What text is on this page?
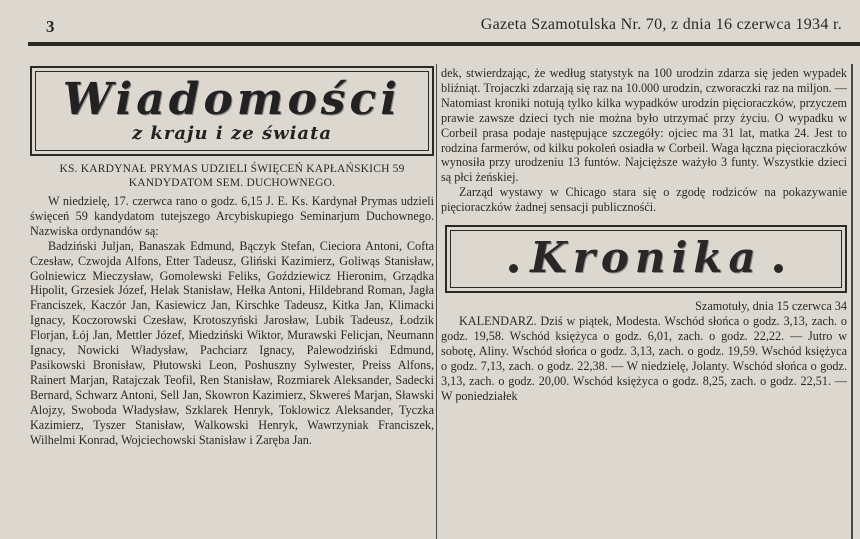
3	Gazeta Szamotulska Nr. 70, z dnia 16 czerwca 1934 r.
Wiadomości
z kraju i ze świata
KS. KARDYNAŁ PRYMAS UDZIELI ŚWIĘCEŃ KAPŁAŃSKICH 59 KANDYDATOM SEM. DUCHOWNEGO.

W niedzielę, 17. czerwca rano o godz. 6,15 J. E. Ks. Kardynał Prymas udzieli święceń 59 kandydatom tutejszego Arcybiskupiego Seminarjum Duchownego. Nazwiska ordynandów są:

Badziński Juljan, Banaszak Edmund, Bączyk Stefan, Cieciora Antoni, Cofta Czesław, Czwojda Alfons, Etter Tadeusz, Gliński Kazimierz, Goliwąs Stanisław, Golniewicz Mieczysław, Gomolewski Feliks, Goździewicz Hieronim, Grządka Hipolit, Grzesiek Józef, Helak Stanisław, Hełka Antoni, Hildebrand Roman, Jagła Franciszek, Kaczór Jan, Kasiewicz Jan, Kirschke Tadeusz, Kitka Jan, Klimacki Ignacy, Koczorowski Czesław, Krotoszyński Jarosław, Lubik Tadeusz, Łodzik Florjan, Łój Jan, Mettler Józef, Miedziński Wiktor, Murawski Felicjan, Neumann Ignacy, Nowicki Władysław, Pachciarz Ignacy, Palewodziński Edmund, Pasikowski Bronisław, Płutowski Leon, Poshuszny Sylwester, Preiss Alfons, Rainert Marjan, Ratajczak Teofil, Ren Stanisław, Rozmiarek Aleksander, Sadecki Bernard, Schwarz Antoni, Sell Jan, Skowron Kazimierz, Skwereś Marjan, Sławski Alojzy, Swoboda Władysław, Szklarek Henryk, Toklowicz Aleksander, Tyczka Kazimierz, Tyszer Stanisław, Walkowski Henryk, Wawrzyniak Franciszek, Wilhelmi Konrad, Wojciechowski Stanisław i Zaręba Jan.

dek, stwierdzając, że według statystyk na 100 urodzin zdarza się jeden wypadek bliźniąt. Trojaczki zdarzają się raz na 10.000 urodzin, czworaczki raz na miljon. — Natomiast kroniki notują tylko kilka wypadków urodzin pięcioraczków, przyczem prawie zawsze dzieci tych nie można było utrzymać przy życiu. O wypadku w Corbeil prasa podaje następujące szczegóły: ojciec ma 31 lat, matka 24. Jest to rodzina farmerów, od kilku pokoleń osiadła w Corbeil. Waga łączna pięcioraczków wynosiła przy urodzeniu 13 funtów. Najcięższe ważyło 3 funty. Wszystkie dzieci są płci żeńskiej.

Zarząd wystawy w Chicago stara się o zgodę rodziców na pokazywanie pięcioraczków żadnej sensacji publicznośći.

Kronika
Szamotuły, dnia 15 czerwca 34

KALENDARZ. Dziś w piątek, Modesta. Wschód słońca o godz. 3,13, zach. o godz. 19,58. Wschód księżyca o godz. 6,01, zach. o godz. 22,22. — Jutro w sobotę, Aliny. Wschód słońca o godz. 3,13, zach. o godz. 19,59. Wschód księżyca o godz. 7,13, zach. o godz. 22,38. — W niedzielę, Jolanty. Wschód słońca o godz. 3,13, zach. o godz. 20,00. Wschód księżyca o godz. 8,25, zach. o godz. 22,51. — W poniedziałek
